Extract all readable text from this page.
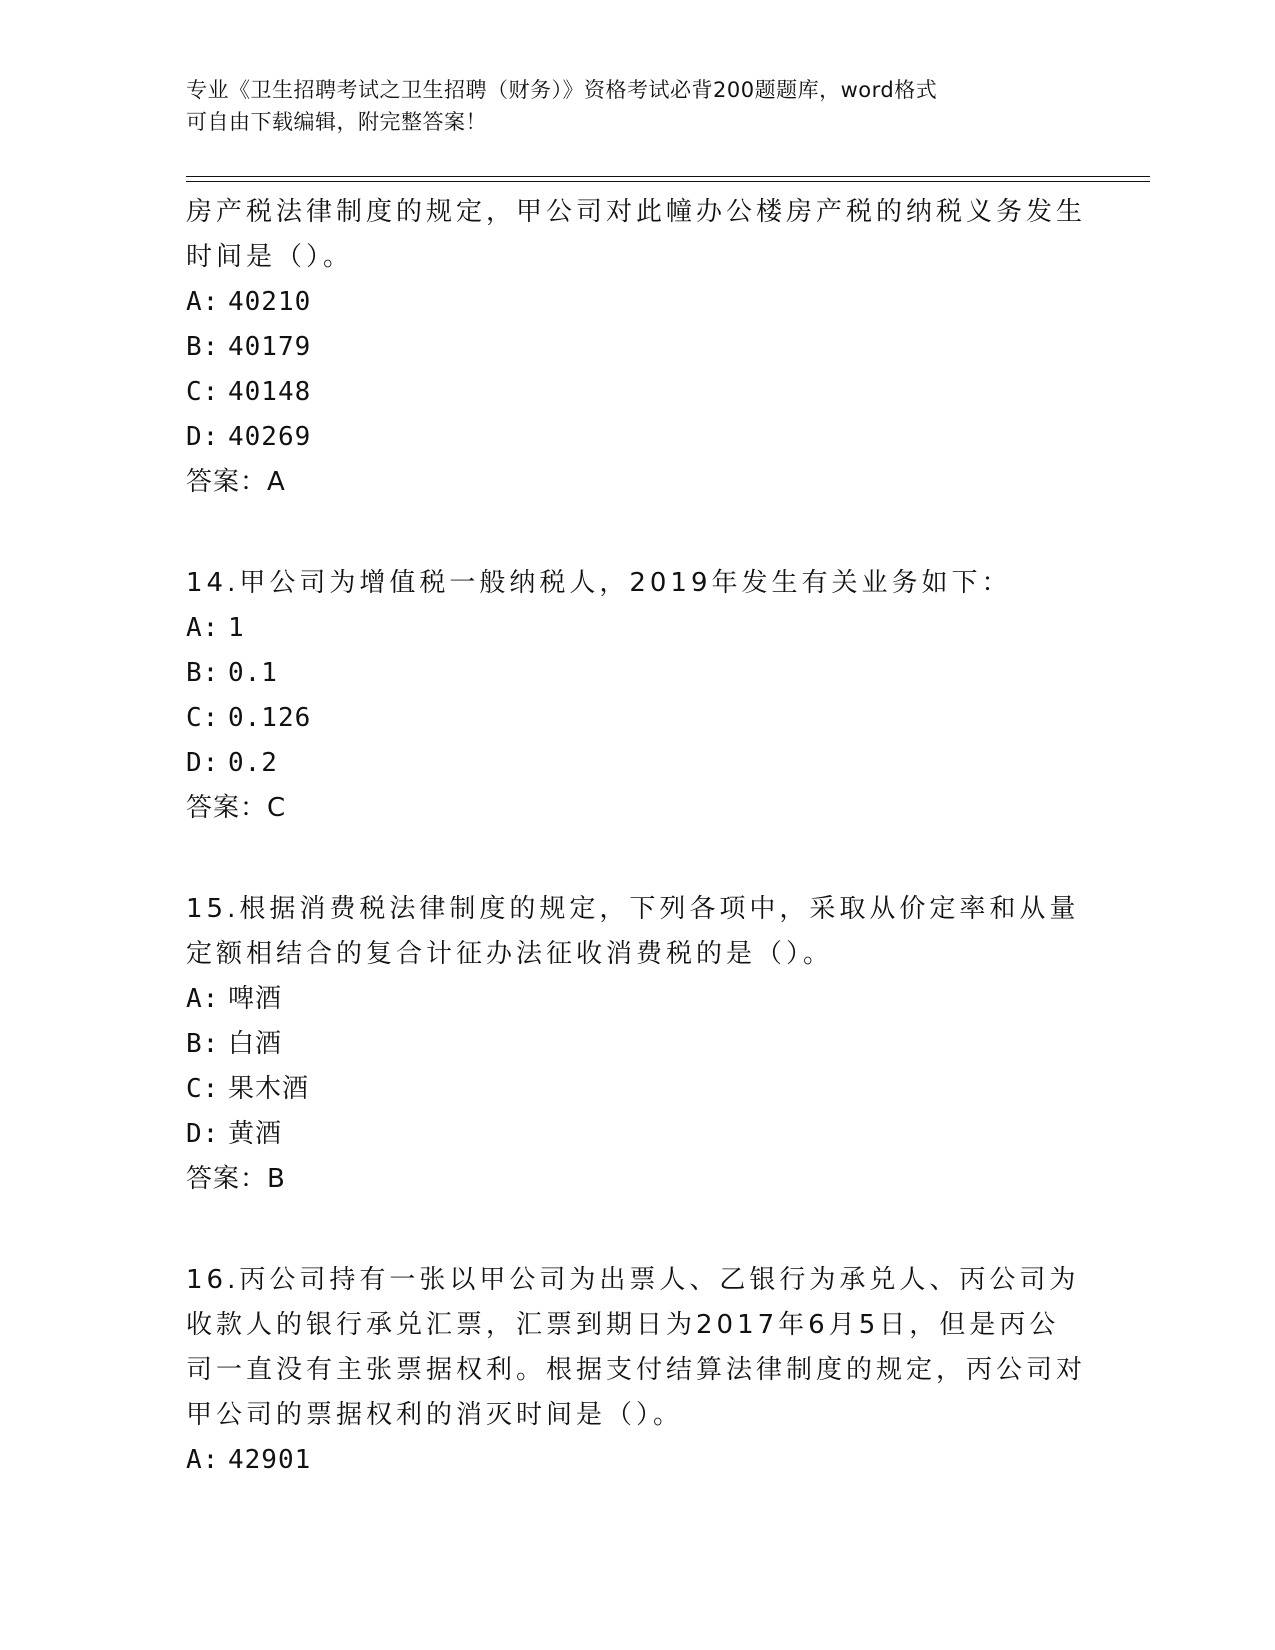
专业《卫生招聘考试之卫生招聘（财务）》资格考试必背200题题库，word格式
可自由下载编辑，附完整答案！

房产税法律制度的规定，甲公司对此幢办公楼房产税的纳税义务发生时间是（）。

A: 40210

B: 40179

C: 40148

D: 40269

答案：A

14.甲公司为增值税一般纳税人，2019年发生有关业务如下：

A: 1

B: 0.1

C: 0.126

D: 0.2

答案：C

15.根据消费税法律制度的规定，下列各项中，采取从价定率和从量定额相结合的复合计征办法征收消费税的是（）。

A: 啤酒

B: 白酒

C: 果木酒

D: 黄酒

答案：B

16.丙公司持有一张以甲公司为出票人、乙银行为承兑人、丙公司为收款人的银行承兑汇票，汇票到期日为2017年6月5日，但是丙公司一直没有主张票据权利。根据支付结算法律制度的规定，丙公司对甲公司的票据权利的消灭时间是（）。

A: 42901
